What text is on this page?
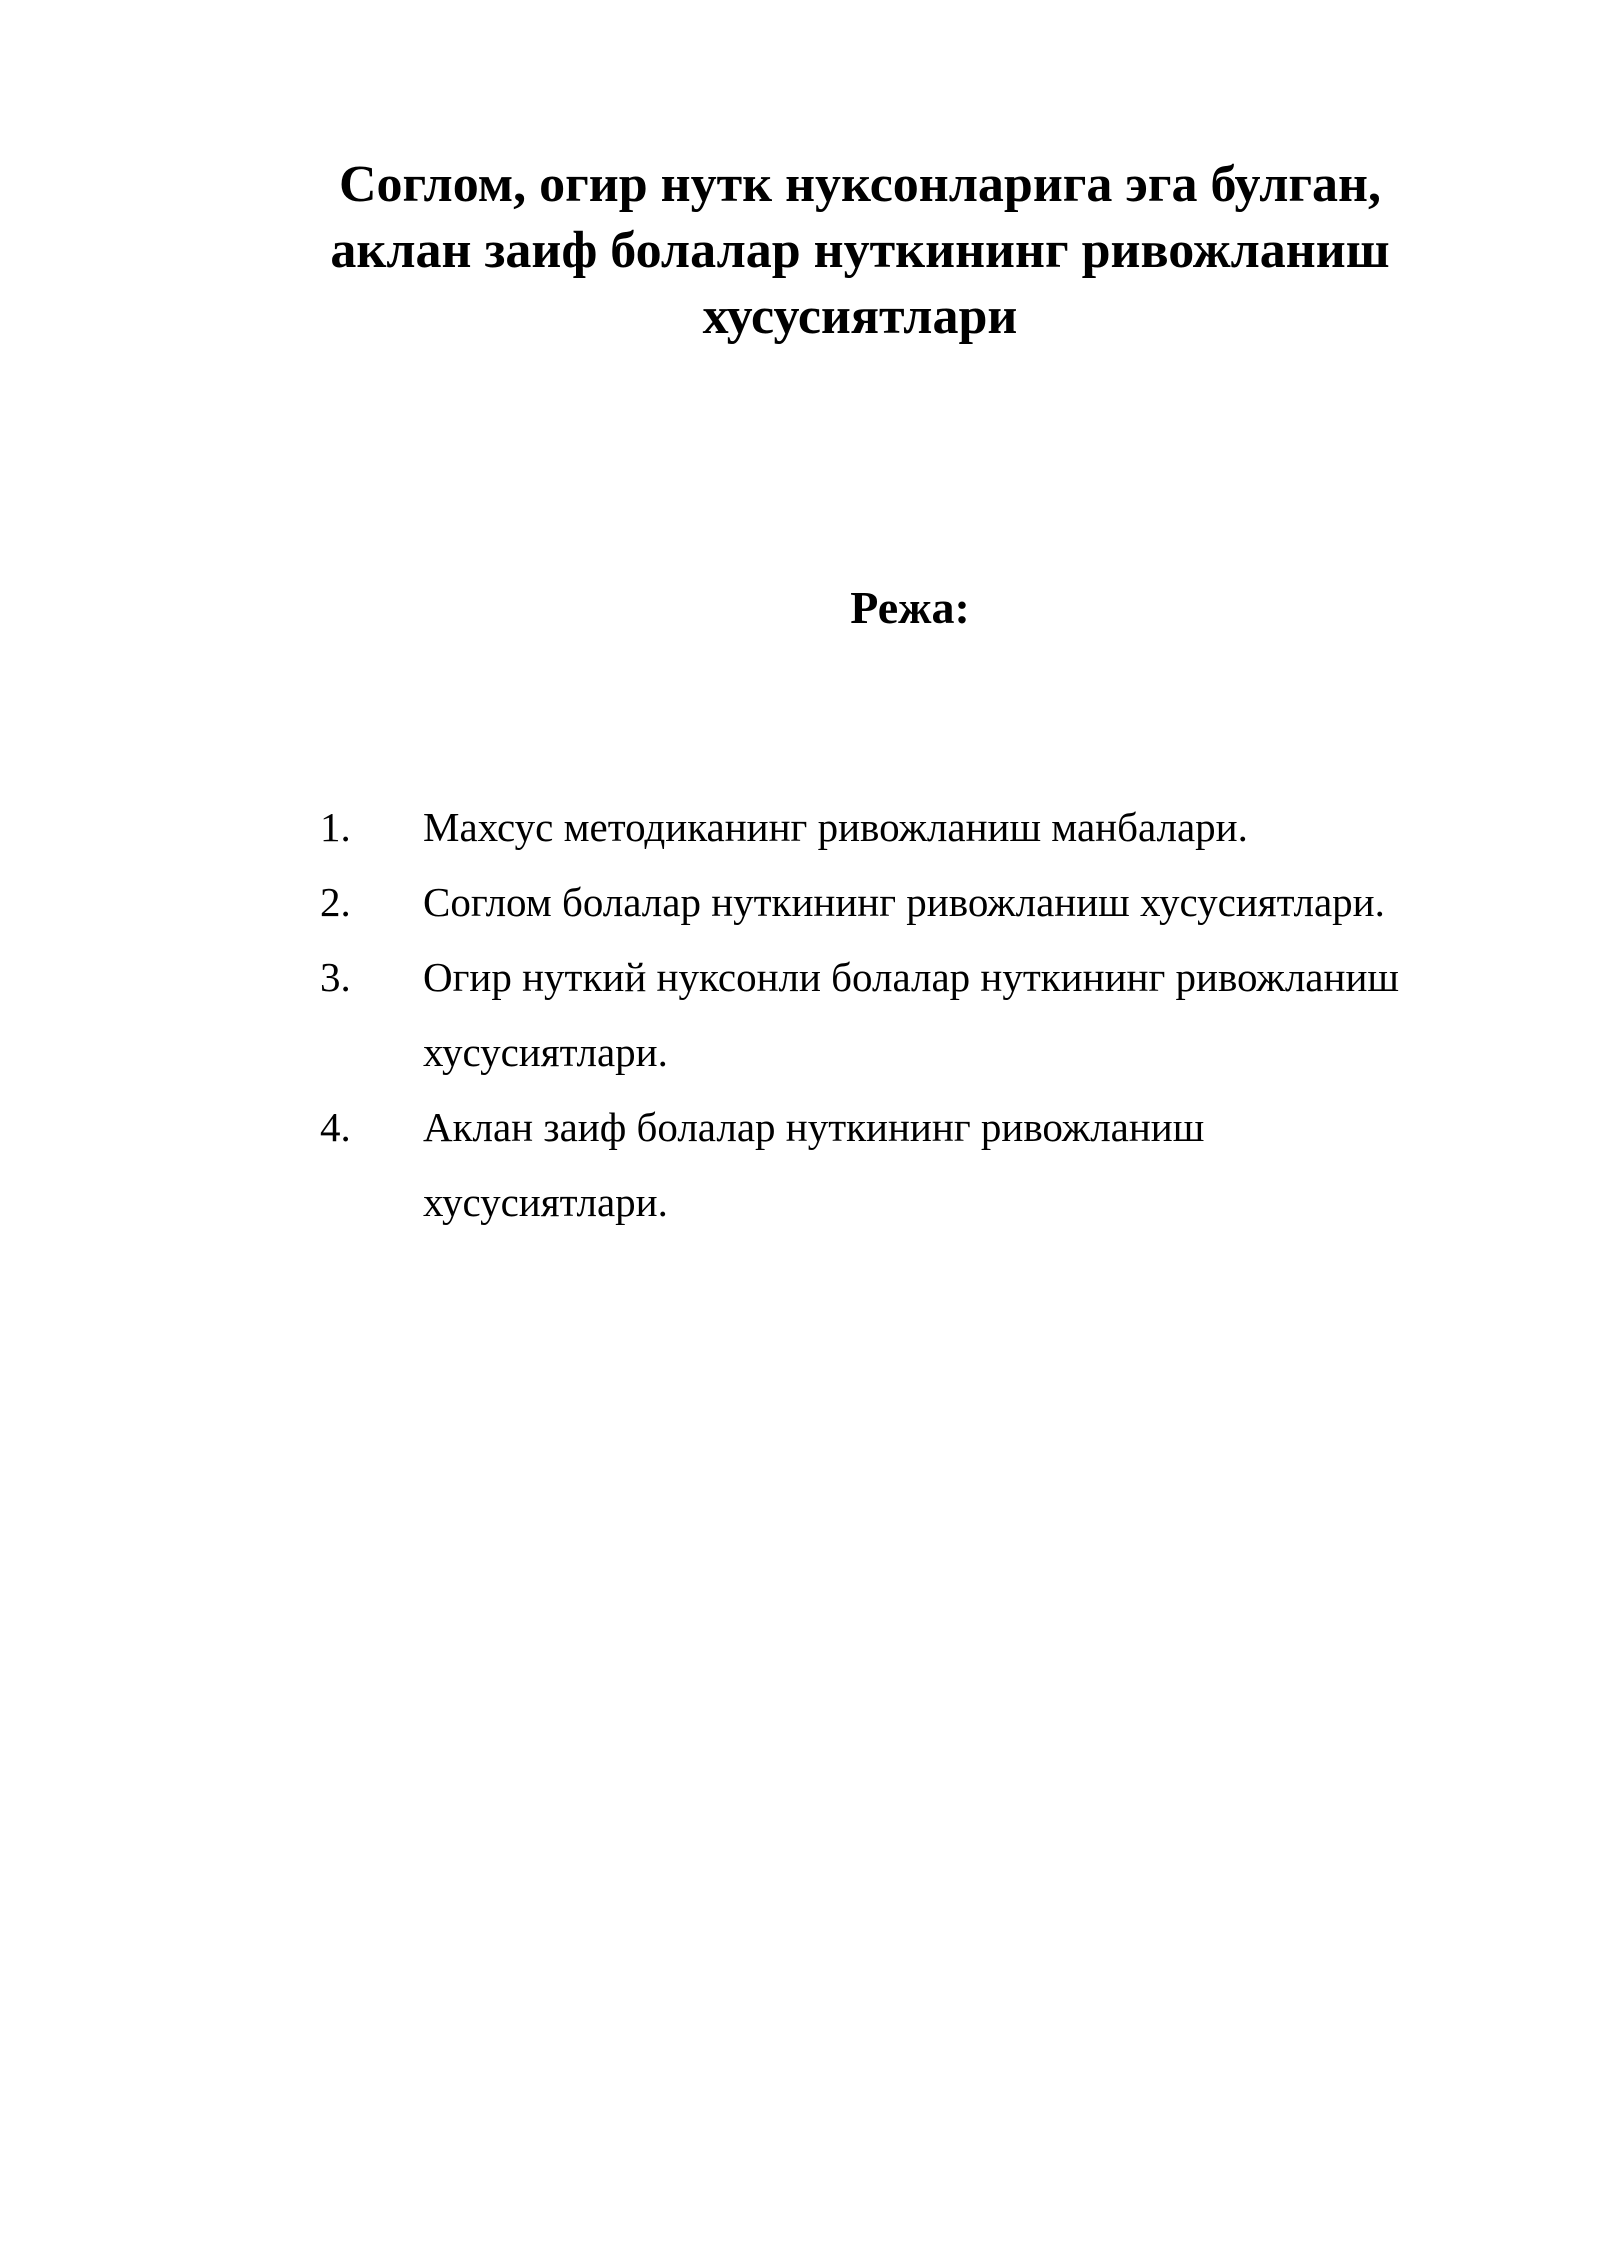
Соглом, огир нутк нуксонларига эга булган,
аклан заиф болалар нуткининг ривожланиш
хусусиятлари
Режа:
1. Махсус методиканинг ривожланиш манбалари.
2. Соглом болалар нуткининг ривожланиш хусусиятлари.
3. Огир нуткий нуксонли болалар нуткининг ривожланиш
хусусиятлари.
4. Аклан заиф болалар нуткининг ривожланиш
хусусиятлари.
